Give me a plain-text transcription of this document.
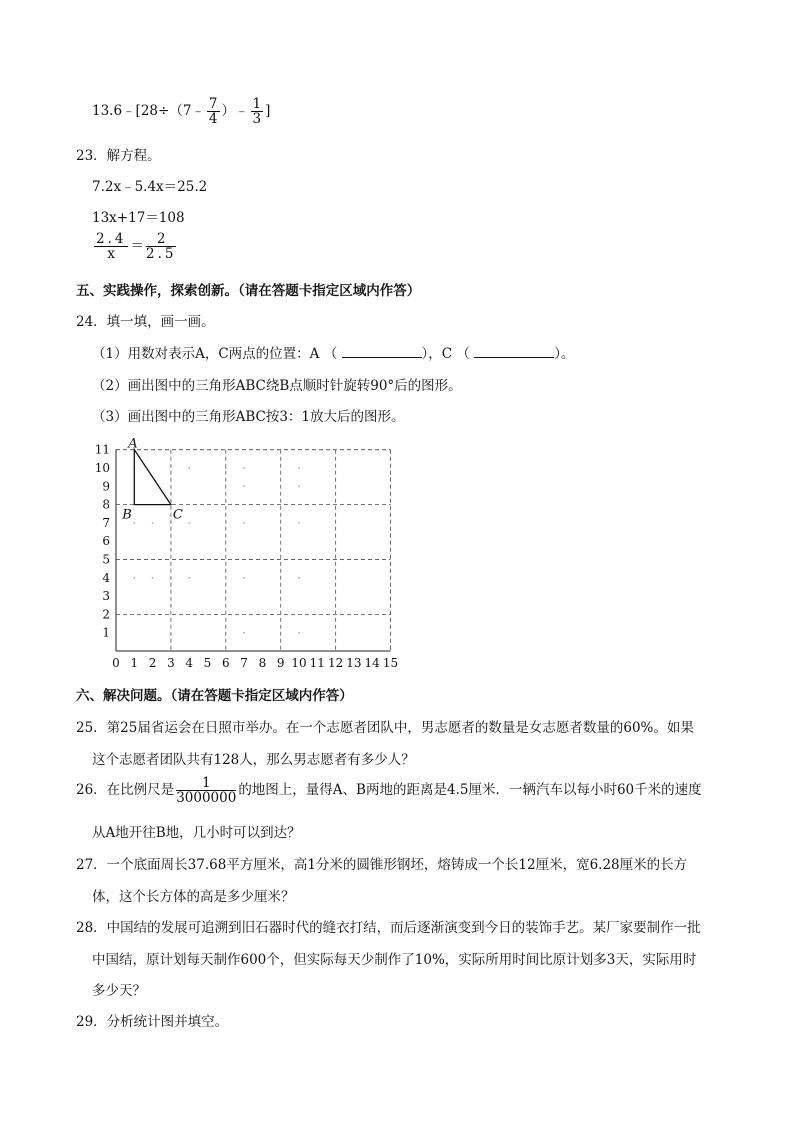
13.6﹣[28÷（7﹣ $\frac{7}{4}$ ）﹣ $\frac{1}{3}$ ]
23．解方程。
7.2x﹣5.4x＝25.2
13x+17＝108
$\frac{2.4}{x} = \frac{2}{2.5}$
五、实践操作，探索创新。（请在答题卡指定区域内作答）
24．填一填，画一画。
（1）用数对表示A，C两点的位置：A （	），C （	）。
（2）画出图中的三角形ABC绕B点顺时针旋转90°后的图形。
（3）画出图中的三角形ABC按3：1放大后的图形。
A
B	C
0 1 2 3 4 5 6 7 8 9 10 11 12 13 14 15
1
2
3
4
5
6
7
8
9
10
11
六、解决问题。（请在答题卡指定区域内作答）
25．第25届省运会在日照市举办。在一个志愿者团队中，男志愿者的数量是女志愿者数量的60%。如果
这个志愿者团队共有128人，那么男志愿者有多少人？
26．在比例尺是 $\frac{1}{3000000}$ 的地图上，量得A、B两地的距离是4.5厘米．一辆汽车以每小时60千米的速度
从A地开往B地，几小时可以到达？
27．一个底面周长37.68平方厘米，高1分米的圆锥形钢坯，熔铸成一个长12厘米，宽6.28厘米的长方
体，这个长方体的高是多少厘米？
28．中国结的发展可追溯到旧石器时代的缝衣打结，而后逐渐演变到今日的装饰手艺。某厂家要制作一批
中国结，原计划每天制作600个，但实际每天少制作了10%，实际所用时间比原计划多3天，实际用时
多少天？
29．分析统计图并填空。
